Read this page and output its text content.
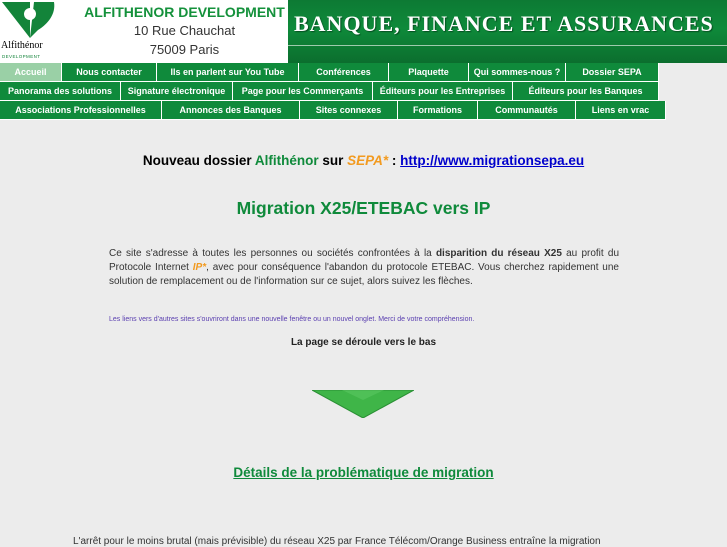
Alfithénor
DEVELOPMENT
ALFITHENOR DEVELOPMENT
10 Rue Chauchat
75009 Paris
BANQUE, FINANCE ET ASSURANCES
Accueil	Nous contacter	Ils en parlent sur You Tube	Conférences	Plaquette	Qui sommes-nous ?	Dossier SEPA
Panorama des solutions	Signature électronique	Page pour les Commerçants	Éditeurs pour les Entreprises	Éditeurs pour les Banques
Associations Professionnelles	Annonces des Banques	Sites connexes	Formations	Communautés	Liens en vrac
Nouveau dossier Alfithénor sur SEPA* : http://www.migrationsepa.eu
Migration X25/ETEBAC vers IP
Ce site s'adresse à toutes les personnes ou sociétés confrontées à la disparition du réseau X25 au profit du Protocole Internet IP*, avec pour conséquence l'abandon du protocole ETEBAC. Vous cherchez rapidement une solution de remplacement ou de l'information sur ce sujet, alors suivez les flèches.
Les liens vers d'autres sites s'ouvriront dans une nouvelle fenêtre ou un nouvel onglet. Merci de votre compréhension.
La page se déroule vers le bas
Détails de la problématique de migration
L'arrêt pour le moins brutal (mais prévisible) du réseau X25 par France Télécom/Orange Business entraîne la migration
